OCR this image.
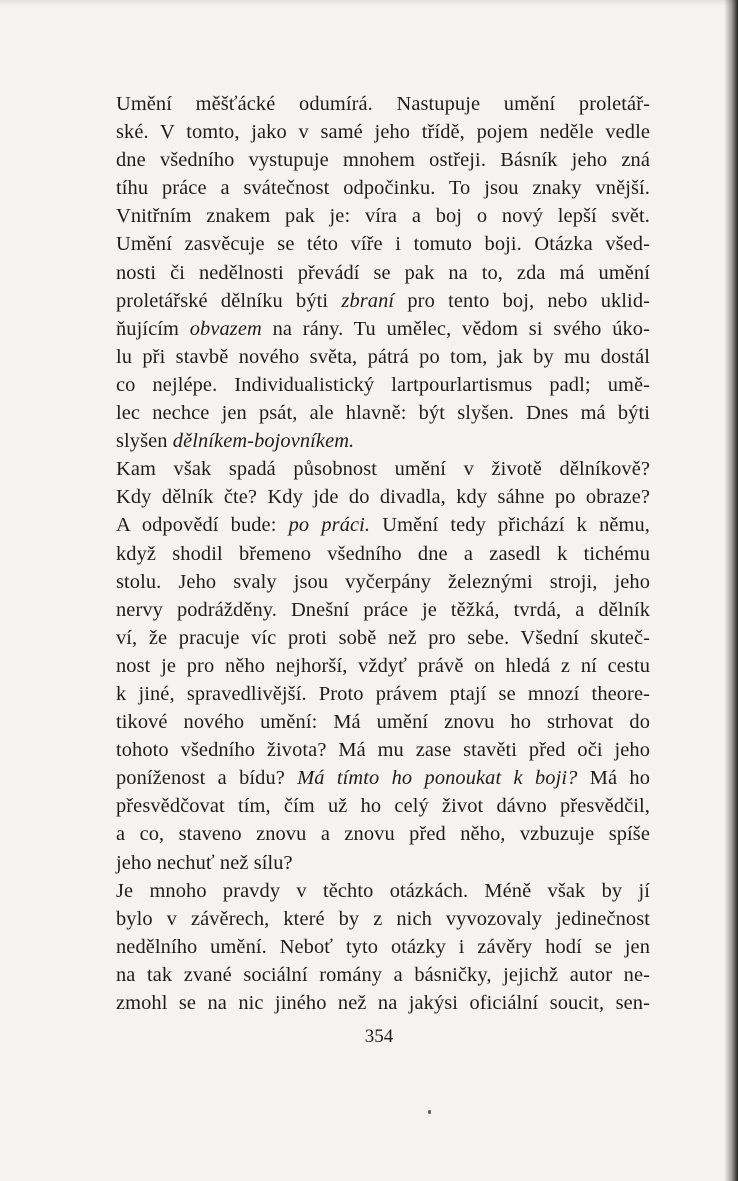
Umění měšťácké odumírá. Nastupuje umění proletář-
ské. V tomto, jako v samé jeho třídě, pojem neděle vedle
dne všedního vystupuje mnohem ostřeji. Básník jeho zná
tíhu práce a svátečnost odpočinku. To jsou znaky vnější.
Vnitřním znakem pak je: víra a boj o nový lepší svět.
Umění zasvěcuje se této víře i tomuto boji. Otázka všed-
nosti či nedělnosti převádí se pak na to, zda má umění
proletářské dělníku býti zbraní pro tento boj, nebo uklid-
ňujícím obvazem na rány. Tu umělec, vědom si svého úko-
lu při stavbě nového světa, pátrá po tom, jak by mu dostál
co nejlépe. Individualistický lartpourlartismus padl; umě-
lec nechce jen psát, ale hlavně: být slyšen. Dnes má býti
slyšen dělníkem-bojovníkem.
Kam však spadá působnost umění v životě dělníkově?
Kdy dělník čte? Kdy jde do divadla, kdy sáhne po obraze?
A odpovědí bude: po práci. Umění tedy přichází k němu,
když shodil břemeno všedního dne a zasedl k tichému
stolu. Jeho svaly jsou vyčerpány železnými stroji, jeho
nervy podrážděny. Dnešní práce je těžká, tvrdá, a dělník
ví, že pracuje víc proti sobě než pro sebe. Všední skuteč-
nost je pro něho nejhorší, vždyť právě on hledá z ní cestu
k jiné, spravedlivější. Proto právem ptají se mnozí theore-
tikové nového umění: Má umění znovu ho strhovat do
tohoto všedního života? Má mu zase stavěti před oči jeho
poníženost a bídu? Má tímto ho ponoukat k boji? Má ho
přesvědčovat tím, čím už ho celý život dávno přesvědčil,
a co, staveno znovu a znovu před něho, vzbuzuje spíše
jeho nechuť než sílu?
Je mnoho pravdy v těchto otázkách. Méně však by jí
bylo v závěrech, které by z nich vyvozovaly jedinečnost
nedělního umění. Neboť tyto otázky i závěry hodí se jen
na tak zvané sociální romány a básničky, jejichž autor ne-
zmohl se na nic jiného než na jakýsi oficiální soucit, sen-
354
